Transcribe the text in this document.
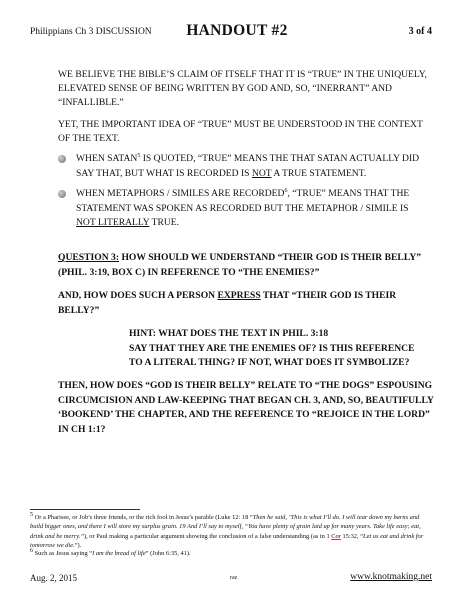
Philippians Ch 3 DISCUSSION	HANDOUT #2	3 of 4
WE BELIEVE THE BIBLE’S CLAIM OF ITSELF THAT IT IS “TRUE” IN THE UNIQUELY, ELEVATED SENSE OF BEING WRITTEN BY GOD AND, SO, “INERRANT” AND “INFALLIBLE.”
YET, THE IMPORTANT IDEA OF “TRUE” MUST BE UNDERSTOOD IN THE CONTEXT OF THE TEXT.
WHEN SATAN$^5$ IS QUOTED, “TRUE” MEANS THE THAT SATAN ACTUALLY DID SAY THAT, BUT WHAT IS RECORDED IS NOT A TRUE STATEMENT.
WHEN METAPHORS / SIMILES ARE RECORDED$^6$, “TRUE” MEANS THAT THE STATEMENT WAS SPOKEN AS RECORDED BUT THE METAPHOR / SIMILE IS NOT LITERALLY TRUE.
QUESTION 3: HOW SHOULD WE UNDERSTAND “THEIR GOD IS THEIR BELLY” (PHIL. 3:19, BOX C) IN REFERENCE TO “THE ENEMIES?”
AND, HOW DOES SUCH A PERSON EXPRESS THAT “THEIR GOD IS THEIR BELLY?”
HINT: WHAT DOES THE TEXT IN PHIL. 3:18
SAY THAT THEY ARE THE ENEMIES OF? IS THIS REFERENCE TO A LITERAL THING? IF NOT, WHAT DOES IT SYMBOLIZE?
THEN, HOW DOES “GOD IS THEIR BELLY” RELATE TO “THE DOGS” ESPOUSING CIRCUMCISION AND LAW-KEEPING THAT BEGAN CH. 3, AND, SO, BEAUTIFULLY ‘BOOKEND’ THE CHAPTER, AND THE REFERENCE TO “REJOICE IN THE LORD” IN CH 1:1?
5 Or a Pharisee, or Job’s three friends, or the rich fool in Jesus’s parable (Luke 12: 18 “Then he said, ‘This is what I’ll do. I will tear down my barns and build bigger ones, and there I will store my surplus grain. 19 And I’ll say to myself, “You have plenty of grain laid up for many years. Take life easy; eat, drink and be merry.”), or Paul making a particular argument showing the conclusion of a false understanding (as in 1 Cor 15:32, “Let us eat and drink for tomorrow we die.”).
6 Such as Jesus saying “I am the bread of life” (John 6:35, 41).
Aug. 2, 2015	raz	www.knotmaking.net
